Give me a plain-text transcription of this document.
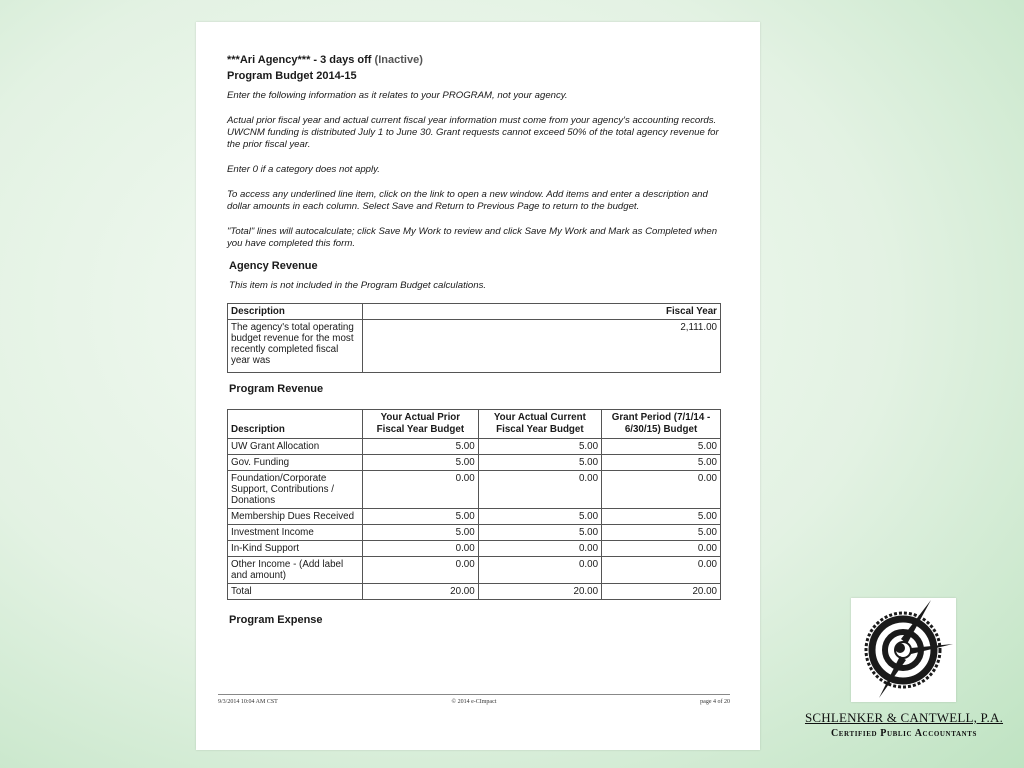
***Ari Agency*** - 3 days off (Inactive)
Program Budget 2014-15

Enter the following information as it relates to your PROGRAM, not your agency.

Actual prior fiscal year and actual current fiscal year information must come from your agency's accounting records. UWCNM funding is distributed July 1 to June 30. Grant requests cannot exceed 50% of the total agency revenue for the prior fiscal year.

Enter 0 if a category does not apply.

To access any underlined line item, click on the link to open a new window. Add items and enter a description and dollar amounts in each column. Select Save and Return to Previous Page to return to the budget.

"Total" lines will autocalculate; click Save My Work to review and click Save My Work and Mark as Completed when you have completed this form.

Agency Revenue
This item is not included in the Program Budget calculations.
Description	Fiscal Year
The agency's total operating budget revenue for the most recently completed fiscal year was	2,111.00
Program Revenue
Description	Your Actual Prior Fiscal Year Budget	Your Actual Current Fiscal Year Budget	Grant Period (7/1/14 - 6/30/15) Budget
UW Grant Allocation	5.00	5.00	5.00
Gov. Funding	5.00	5.00	5.00
Foundation/Corporate Support, Contributions / Donations	0.00	0.00	0.00
Membership Dues Received	5.00	5.00	5.00
Investment Income	5.00	5.00	5.00
In-Kind Support	0.00	0.00	0.00
Other Income - (Add label and amount)	0.00	0.00	0.00
Total	20.00	20.00	20.00
Program Expense
9/3/2014 10:04 AM CST	© 2014 e-CImpact	page 4 of 20
SCHLENKER & CANTWELL, P.A.
Certified Public Accountants
